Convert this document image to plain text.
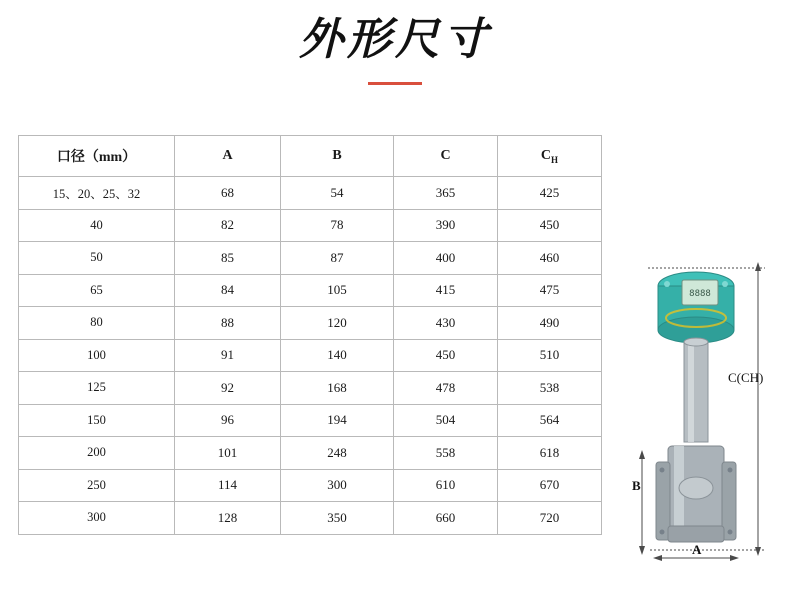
外形尺寸
口径（mm）	A	B	C	$C_H$
15、20、25、32	68	54	365	425
40	82	78	390	450
50	85	87	400	460
65	84	105	415	475
80	88	120	430	490
100	91	140	450	510
125	92	168	478	538
150	96	194	504	564
200	101	248	558	618
250	114	300	610	670
300	128	350	660	720
8888
C(CH)
B
A
